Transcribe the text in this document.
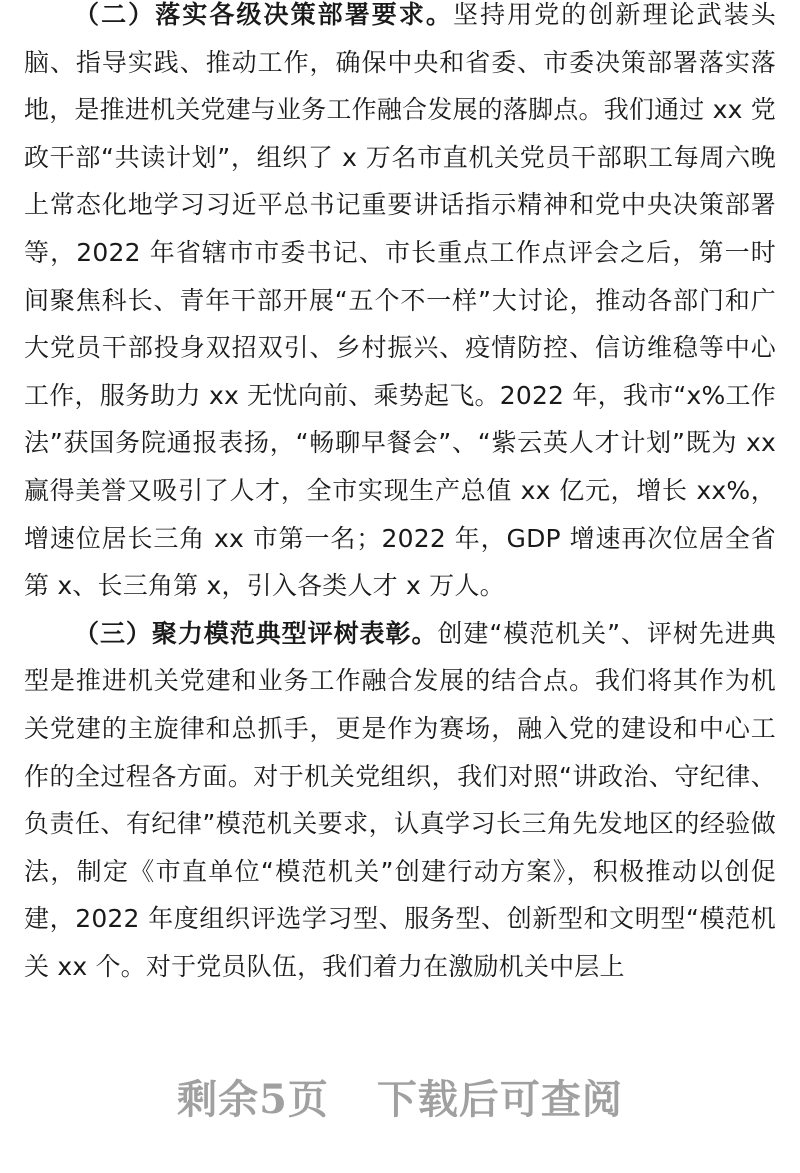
（二）落实各级决策部署要求。坚持用党的创新理论武装头脑、指导实践、推动工作，确保中央和省委、市委决策部署落实落地，是推进机关党建与业务工作融合发展的落脚点。我们通过 xx 党政干部“共读计划”，组织了 x 万名市直机关党员干部职工每周六晚上常态化地学习习近平总书记重要讲话指示精神和党中央决策部署等，2022 年省辖市市委书记、市长重点工作点评会之后，第一时间聚焦科长、青年干部开展“五个不一样”大讨论，推动各部门和广大党员干部投身双招双引、乡村振兴、疫情防控、信访维稳等中心工作，服务助力 xx 无忧向前、乘势起飞。2022 年，我市“x%工作法”获国务院通报表扬，“畅聊早餐会”、“紫云英人才计划”既为 xx 赢得美誉又吸引了人才，全市实现生产总值 xx 亿元，增长 xx%，增速位居长三角 xx 市第一名；2022 年，GDP 增速再次位居全省第 x、长三角第 x，引入各类人才 x 万人。

（三）聚力模范典型评树表彰。创建“模范机关”、评树先进典型是推进机关党建和业务工作融合发展的结合点。我们将其作为机关党建的主旋律和总抓手，更是作为赛场，融入党的建设和中心工作的全过程各方面。对于机关党组织，我们对照“讲政治、守纪律、负责任、有纪律”模范机关要求，认真学习长三角先发地区的经验做法，制定《市直单位“模范机关”创建行动方案》，积极推动以创促建，2022 年度组织评选学习型、服务型、创新型和文明型“模范机关 xx 个。对于党员队伍，我们着力在激励机关中层上

剩余5页 下载后可查阅
